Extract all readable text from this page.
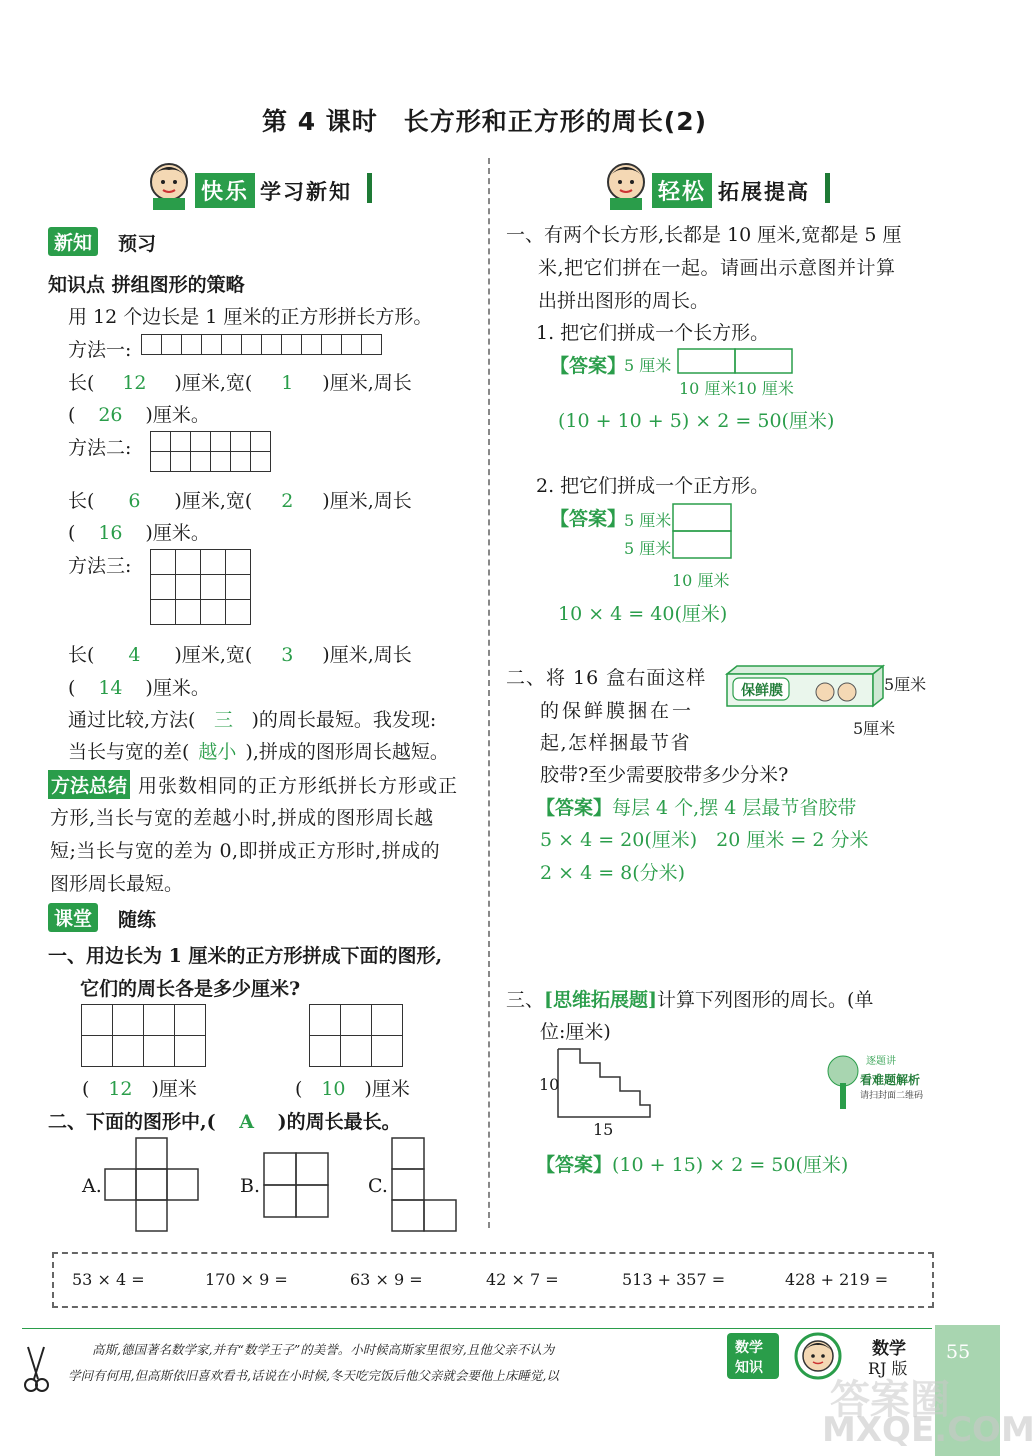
第 4 课时　长方形和正方形的周长(2)
快乐 学习新知
新知	预习
知识点 拼组图形的策略
用 12 个边长是 1 厘米的正方形拼长方形。
方法一:

长( 12 )厘米,宽( 1 )厘米,周长
( 26 )厘米。
方法二:

长( 6 )厘米,宽( 2 )厘米,周长
( 16 )厘米。
方法三:

长( 4 )厘米,宽( 3 )厘米,周长
( 14 )厘米。
通过比较,方法( 三 )的周长最短。我发现:
当长与宽的差( 越小 ),拼成的图形周长越短。
方法总结 用张数相同的正方形纸拼长方形或正
方形,当长与宽的差越小时,拼成的图形周长越
短;当长与宽的差为 0,即拼成正方形时,拼成的
图形周长最短。
课堂	随练
一、用边长为 1 厘米的正方形拼成下面的图形,
它们的周长各是多少厘米?

( 12 )厘米	( 10 )厘米
二、下面的图形中,( A )的周长最长。
A.	B.	C.
轻松 拓展提高
一、有两个长方形,长都是 10 厘米,宽都是 5 厘
米,把它们拼在一起。请画出示意图并计算
出拼出图形的周长。
1. 把它们拼成一个长方形。
【答案】
5 厘米
10 厘米10 厘米
(10 + 10 + 5) × 2 = 50(厘米)
2. 把它们拼成一个正方形。
【答案】
5 厘米
5 厘米
10 厘米
10 × 4 = 40(厘米)
二、将 16 盒右面这样
的保鲜膜捆在一
起,怎样捆最节省
胶带?至少需要胶带多少分米?
保鲜膜	5厘米
5厘米
【答案】每层 4 个,摆 4 层最节省胶带
5 × 4 = 20(厘米)　20 厘米 = 2 分米
2 × 4 = 8(分米)
三、[思维拓展题]计算下列图形的周长。(单
位:厘米)
10
15
逐题讲
看难题解析
请扫封面二维码
【答案】(10 + 15) × 2 = 50(厘米)
53 × 4 =	170 × 9 =	63 × 9 =	42 × 7 =	513 + 357 =	428 + 219 =
高斯,德国著名数学家,并有“数学王子”的美誉。小时候高斯家里很穷,且他父亲不认为
学问有何用,但高斯依旧喜欢看书,话说在小时候,冬天吃完饭后他父亲就会要他上床睡觉,以
数学
知识
数学
RJ 版
55
答案圈
MXQE.COM
